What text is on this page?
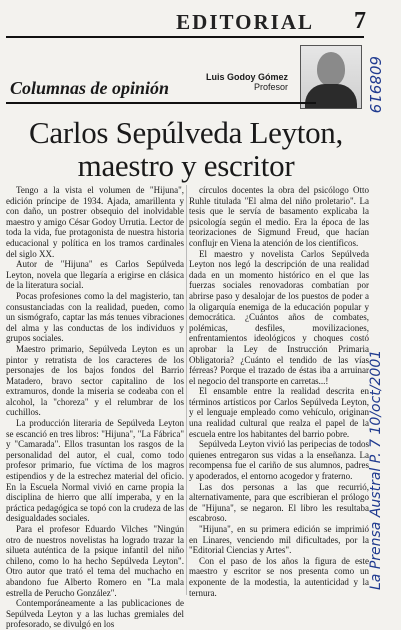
EDITORIAL 7
Columnas de opinión
Luis Godoy Gómez
Profesor
Carlos Sepúlveda Leyton, maestro y escritor

Tengo a la vista el volumen de "Hijuna", edición príncipe de 1934. Ajada, amarillenta y con daño, un postrer obsequio del inolvidable maestro y amigo César Godoy Urrutia. Lector de toda la vida, fue protagonista de nuestra historia educacional y política en los tramos cardinales del siglo XX.

Autor de "Hijuna" es Carlos Sepúlveda Leyton, novela que llegaría a erigirse en clásica de la literatura social.

Pocas profesiones como la del magisterio, tan consustanciadas con la realidad, pueden, como un sismógrafo, captar las más tenues vibraciones del alma y las conductas de los individuos y grupos sociales.

Maestro primario, Sepúlveda Leyton es un pintor y retratista de los caracteres de los personajes de los bajos fondos del Barrio Matadero, bravo sector capitalino de los extramuros, donde la miseria se codeaba con el alcohol, la "choreza" y el relumbrar de los cuchillos.

La producción literaria de Sepúlveda Leyton se escanció en tres libros: "Hijuna", "La Fábrica" y "Camarada". Ellos trasuntan los rasgos de la personalidad del autor, el cual, como todo profesor primario, fue víctima de los magros estipendios y de la estrechez material del oficio. En la Escuela Normal vivió en carne propia la disciplina de hierro que allí imperaba, y en la práctica pedagógica se topó con la crudeza de las desigualdades sociales.

Para el profesor Eduardo Vilches "Ningún otro de nuestros novelistas ha logrado trazar la silueta auténtica de la psique infantil del niño chileno, como lo ha hecho Sepúlveda Leyton". Otro autor que trató el tema del muchacho en abandono fue Alberto Romero en "La mala estrella de Perucho González".

Contemporáneamente a las publicaciones de Sepúlveda Leyton y a las luchas gremiales del profesorado, se divulgó en los

círculos docentes la obra del psicólogo Otto Ruhle titulada "El alma del niño proletario". La tesis que le servía de basamento explicaba la psicología según el medio. Era la época de las teorizaciones de Sigmund Freud, que hacían conflujr en Viena la atención de los científicos.

El maestro y novelista Carlos Sepúlveda Leyton nos legó la descripción de una realidad dada en un momento histórico en el que las fuerzas sociales renovadoras combatían por abrirse paso y desalojar de los puestos de poder a la oligarquía enemiga de la educación popular y democrática. ¿Cuántos años de combates, polémicas, desfiles, movilizaciones, enfrentamientos ideológicos y choques costó aprobar la Ley de Instrucción Primaria Obligatoria? ¿Cuánto el tendido de las vías férreas? Porque el trazado de éstas iba a arruinar el negocio del transporte en carretas...!

El ensamble entre la realidad descrita en términos artísticos por Carlos Sepúlveda Leyton, y el lenguaje empleado como vehículo, originan una realidad cultural que realza el papel de la escuela entre los habitantes del barrio pobre.

Sepúlveda Leyton vivió las peripecias de todos quienes entregaron sus vidas a la enseñanza. La recompensa fue el cariño de sus alumnos, padres y apoderados, el entorno acogedor y fraterno.

Las dos personas a las que recurrió, alternativamente, para que escribieran el prólogo de "Hijuna", se negaron. El libro les resultaba escabroso.

"Hijuna", en su primera edición se imprimió en Linares, venciendo mil dificultades, por la "Editorial Ciencias y Artes".

Con el paso de los años la figura de este maestro y escritor se nos presenta como un exponente de la modestia, la autenticidad y la ternura.

608919
La Prensa Austral P. 7 10/oct/2001
